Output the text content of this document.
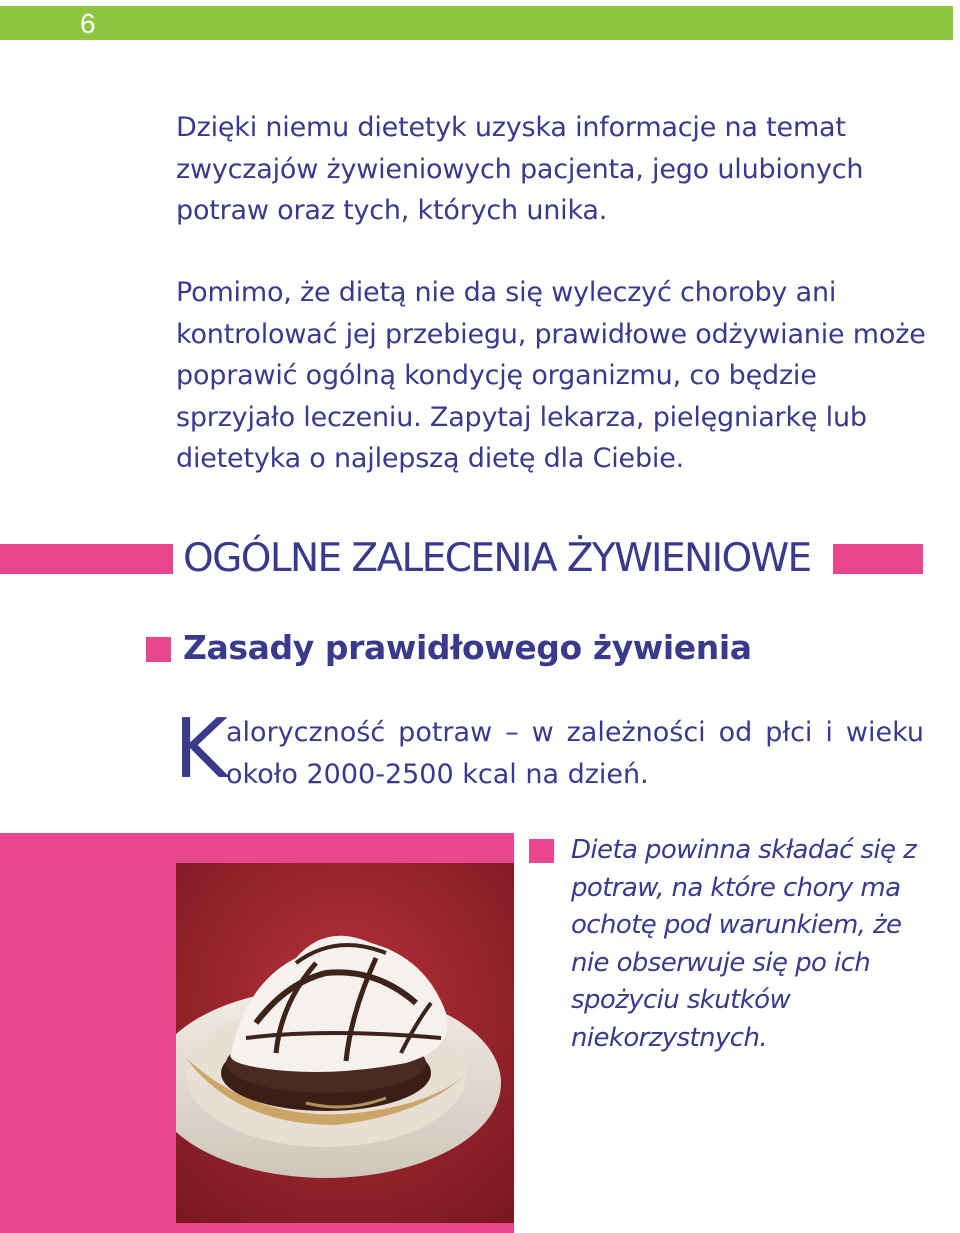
6

Dzięki niemu dietetyk uzyska informacje na temat zwyczajów żywieniowych pacjenta, jego ulubionych potraw oraz tych, których unika.

Pomimo, że dietą nie da się wyleczyć choroby ani kontrolować jej przebiegu, prawidłowe odżywianie może poprawić ogólną kondycję organizmu, co będzie sprzyjało leczeniu. Zapytaj lekarza, pielęgniarkę lub dietetyka o najlepszą dietę dla Ciebie.

OGÓLNE ZALECENIA ŻYWIENIOWE
Zasady prawidłowego żywienia
K
aloryczność potraw – w zależności od płci i wieku
około 2000-2500 kcal na dzień.

Dieta powinna składać się z potraw, na które chory ma ochotę pod warunkiem, że nie obserwuje się po ich spożyciu skutków niekorzystnych.
